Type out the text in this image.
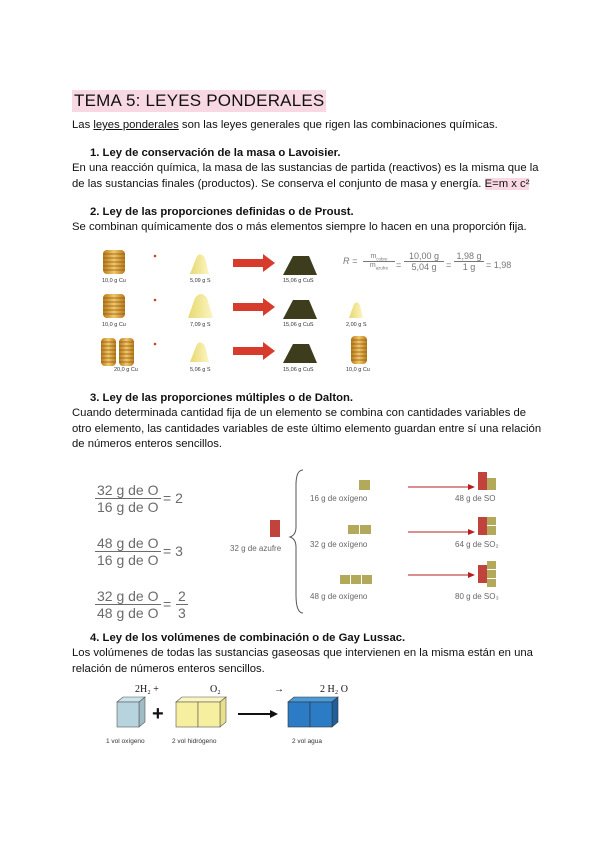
TEMA 5: LEYES PONDERALES
Las leyes ponderales son las leyes generales que rigen las combinaciones químicas.
1. Ley de conservación de la masa o Lavoisier.
En una reacción química, la masa de las sustancias de partida (reactivos) es la misma que la de las sustancias finales (productos). Se conserva el conjunto de masa y energía. E=m x c²
2. Ley de las proporciones definidas o de Proust.
Se combinan químicamente dos o más elementos siempre lo hacen en una proporción fija.
10,0 g Cu	5,09 g S	15,06 g CuS
10,0 g Cu	7,09 g S	15,06 g CuS	2,00 g S
20,0 g Cu	5,06 g S	15,06 g CuS	10,0 g Cu
R =	$m_{cobre}$
$m_{azufre}$ =
10,00 g
5,04 g	=
1,98 g
1 g	= 1,98
3. Ley de las proporciones múltiples o de Dalton.
Cuando determinada cantidad fija de un elemento se combina con cantidades variables de otro elemento, las cantidades variables de este último elemento guardan entre sí una relación de números enteros sencillos.
$\frac{\text{32 g de O}}{\text{16 g de O}} = 2$
$\frac{\text{48 g de O}}{\text{16 g de O}} = 3$
$\frac{\text{32 g de O}}{\text{48 g de O}} = \frac{2}{3}$
32 g de azufre
16 g de oxígeno
32 g de oxígeno
48 g de oxígeno
48 g de SO
64 g de SO₂
80 g de SO₃
4. Ley de los volúmenes de combinación o de Gay Lussac.
Los volúmenes de todas las sustancias gaseosas que intervienen en la misma están en una relación de números enteros sencillos.
2H₂ +	O₂	→	2 H₂ O
+
1 vol oxígeno	2 vol hidrógeno	2 vol agua
